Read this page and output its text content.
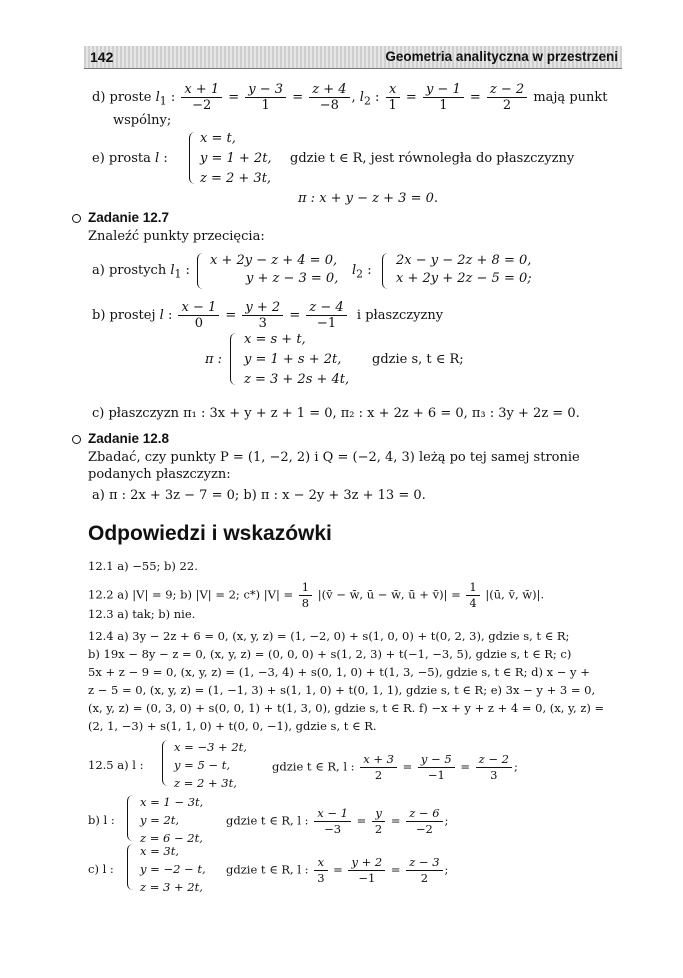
142	Geometria analityczna w przestrzeni
d) proste $l_1$ : $\frac{x + 1}{-2} = \frac{y - 3}{1} = \frac{z + 4}{-8}$ , $l_2$ : $\frac{x}{1} = \frac{y - 1}{1} = \frac{z - 2}{2}$ mają punkt
wspólny;
e) prosta l :
x = t,
y = 1 + 2t,
z = 2 + 3t,
gdzie t ∈ R, jest równoległa do płaszczyzny
π : x + y − z + 3 = 0.
Zadanie 12.7
Znaleźć punkty przecięcia:
a) prostych $l_1$ :
x + 2y − z + 4 = 0,
y + z − 3 = 0,
$l_2$ :
2x − y − 2z + 8 = 0,
x + 2y + 2z − 5 = 0;
b) prostej l : $\frac{x - 1}{0} = \frac{y + 2}{3} = \frac{z - 4}{-1}$ i płaszczyzny
π :
x = s + t,
y = 1 + s + 2t,
z = 3 + 2s + 4t,
gdzie s, t ∈ R;
c) płaszczyzn π₁ : 3x + y + z + 1 = 0, π₂ : x + 2z + 6 = 0, π₃ : 3y + 2z = 0.
Zadanie 12.8
Zbadać, czy punkty P = (1, −2, 2) i Q = (−2, 4, 3) leżą po tej samej stronie
podanych płaszczyzn:
a) π : 2x + 3z − 7 = 0; b) π : x − 2y + 3z + 13 = 0.
Odpowiedzi i wskazówki
12.1 a) −55; b) 22.
12.2 a) |V| = 9; b) |V| = 2; c*) $|V| = \frac{1}{8}$ |(v̄ − w̄, ū − w̄, ū + v̄)| = $\frac{1}{4}$ |(ū, v̄, w̄)|.
12.3 a) tak; b) nie.
12.4 a) 3y − 2z + 6 = 0, (x, y, z) = (1, −2, 0) + s(1, 0, 0) + t(0, 2, 3), gdzie s, t ∈ R;
b) 19x − 8y − z = 0, (x, y, z) = (0, 0, 0) + s(1, 2, 3) + t(−1, −3, 5), gdzie s, t ∈ R; c)
5x + z − 9 = 0, (x, y, z) = (1, −3, 4) + s(0, 1, 0) + t(1, 3, −5), gdzie s, t ∈ R; d) x − y +
z − 5 = 0, (x, y, z) = (1, −1, 3) + s(1, 1, 0) + t(0, 1, 1), gdzie s, t ∈ R; e) 3x − y + 3 = 0,
(x, y, z) = (0, 3, 0) + s(0, 0, 1) + t(1, 3, 0), gdzie s, t ∈ R. f) −x + y + z + 4 = 0, (x, y, z) =
(2, 1, −3) + s(1, 1, 0) + t(0, 0, −1), gdzie s, t ∈ R.
12.5 a) l :
x = −3 + 2t,
y = 5 − t,
z = 2 + 3t,
gdzie t ∈ R, l : $\frac{x + 3}{2} = \frac{y - 5}{-1} = \frac{z - 2}{3}$ ;
b) l :
x = 1 − 3t,
y = 2t,
z = 6 − 2t,
gdzie t ∈ R, l : $\frac{x - 1}{-3} = \frac{y}{2} = \frac{z - 6}{-2}$ ;
c) l :
x = 3t,
y = −2 − t,
z = 3 + 2t,
gdzie t ∈ R, l : $\frac{x}{3} = \frac{y + 2}{-1} = \frac{z - 3}{2}$ ;
